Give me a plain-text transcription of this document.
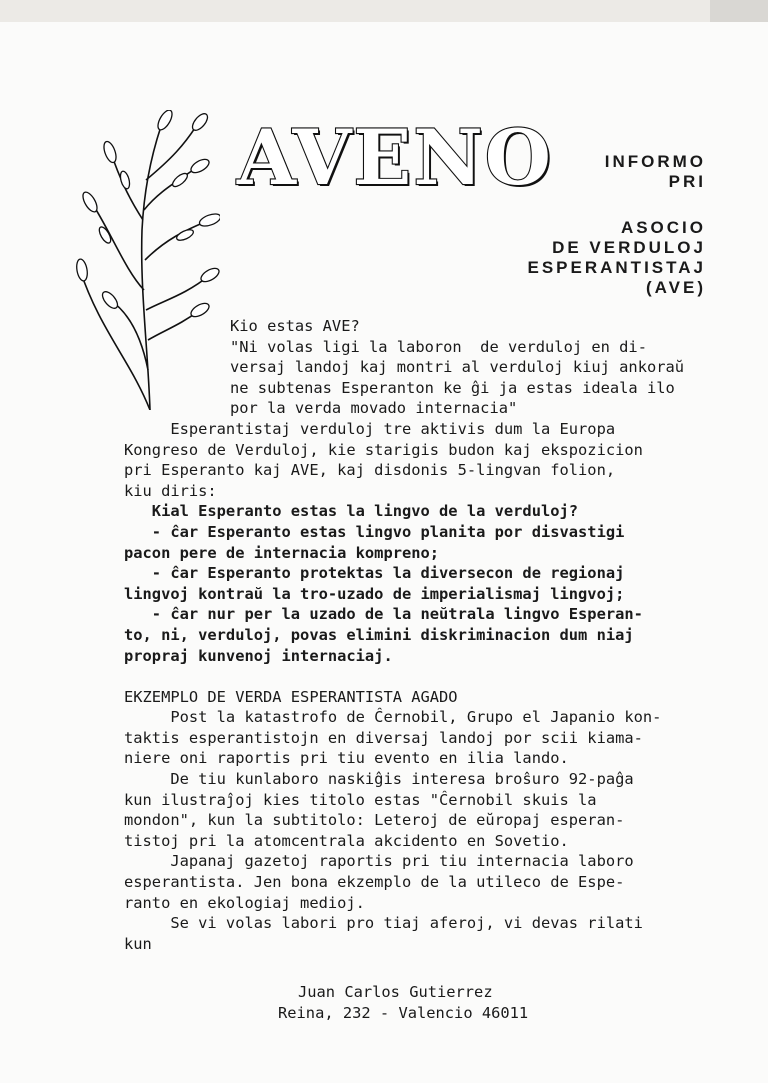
AVENO	INFORMO
PRI
ASOCIO
DE VERDULOJ
ESPERANTISTAJ
(AVE)
Kio estas AVE?
"Ni volas ligi la laboron  de verduloj en di-
versaj landoj kaj montri al verduloj kiuj ankoraŭ
ne subtenas Esperanton ke ĝi ja estas ideala ilo
por la verda movado internacia"
Esperantistaj verduloj tre aktivis dum la Europa
Kongreso de Verduloj, kie starigis budon kaj ekspozicion
pri Esperanto kaj AVE, kaj disdonis 5-lingvan folion,
kiu diris:
Kial Esperanto estas la lingvo de la verduloj?
- ĉar Esperanto estas lingvo planita por disvastigi
pacon pere de internacia kompreno;
- ĉar Esperanto protektas la diversecon de regionaj
lingvoj kontraŭ la tro-uzado de imperialismaj lingvoj;
- ĉar nur per la uzado de la neŭtrala lingvo Esperan-
to, ni, verduloj, povas elimini diskriminacion dum niaj
propraj kunvenoj internaciaj.
EKZEMPLO DE VERDA ESPERANTISTA AGADO
Post la katastrofo de Ĉernobil, Grupo el Japanio kon-
taktis esperantistojn en diversaj landoj por scii kiama-
niere oni raportis pri tiu evento en ilia lando.
De tiu kunlaboro naskiĝis interesa broŝuro 92-paĝa
kun ilustraĵoj kies titolo estas "Ĉernobil skuis la
mondon", kun la subtitolo: Leteroj de eŭropaj esperan-
tistoj pri la atomcentrala akcidento en Sovetio.
Japanaj gazetoj raportis pri tiu internacia laboro
esperantista. Jen bona ekzemplo de la utileco de Espe-
ranto en ekologiaj medioj.
Se vi volas labori pro tiaj aferoj, vi devas rilati
kun
Juan Carlos Gutierrez
Reina, 232 - Valencio 46011
